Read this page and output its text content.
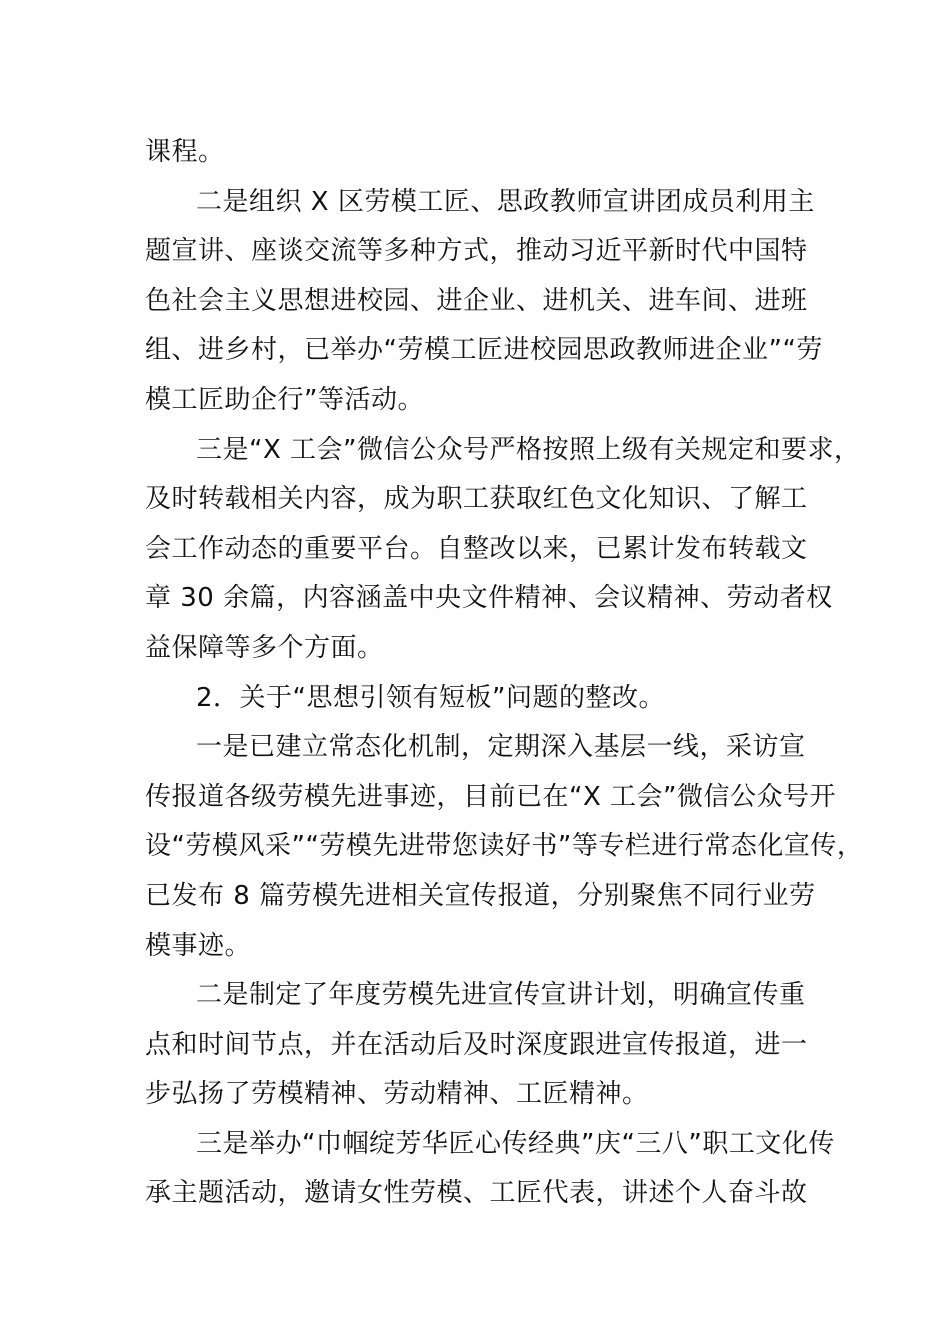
课程。
二是组织 X 区劳模工匠、思政教师宣讲团成员利用主
题宣讲、座谈交流等多种方式，推动习近平新时代中国特
色社会主义思想进校园、进企业、进机关、进车间、进班
组、进乡村，已举办“劳模工匠进校园思政教师进企业”“劳
模工匠助企行”等活动。
三是“X 工会”微信公众号严格按照上级有关规定和要求，
及时转载相关内容，成为职工获取红色文化知识、了解工
会工作动态的重要平台。自整改以来，已累计发布转载文
章 30 余篇，内容涵盖中央文件精神、会议精神、劳动者权
益保障等多个方面。
2．关于“思想引领有短板”问题的整改。
一是已建立常态化机制，定期深入基层一线，采访宣
传报道各级劳模先进事迹，目前已在“X 工会”微信公众号开
设“劳模风采”“劳模先进带您读好书”等专栏进行常态化宣传，
已发布 8 篇劳模先进相关宣传报道，分别聚焦不同行业劳
模事迹。
二是制定了年度劳模先进宣传宣讲计划，明确宣传重
点和时间节点，并在活动后及时深度跟进宣传报道，进一
步弘扬了劳模精神、劳动精神、工匠精神。
三是举办“巾帼绽芳华匠心传经典”庆“三八”职工文化传
承主题活动，邀请女性劳模、工匠代表，讲述个人奋斗故
